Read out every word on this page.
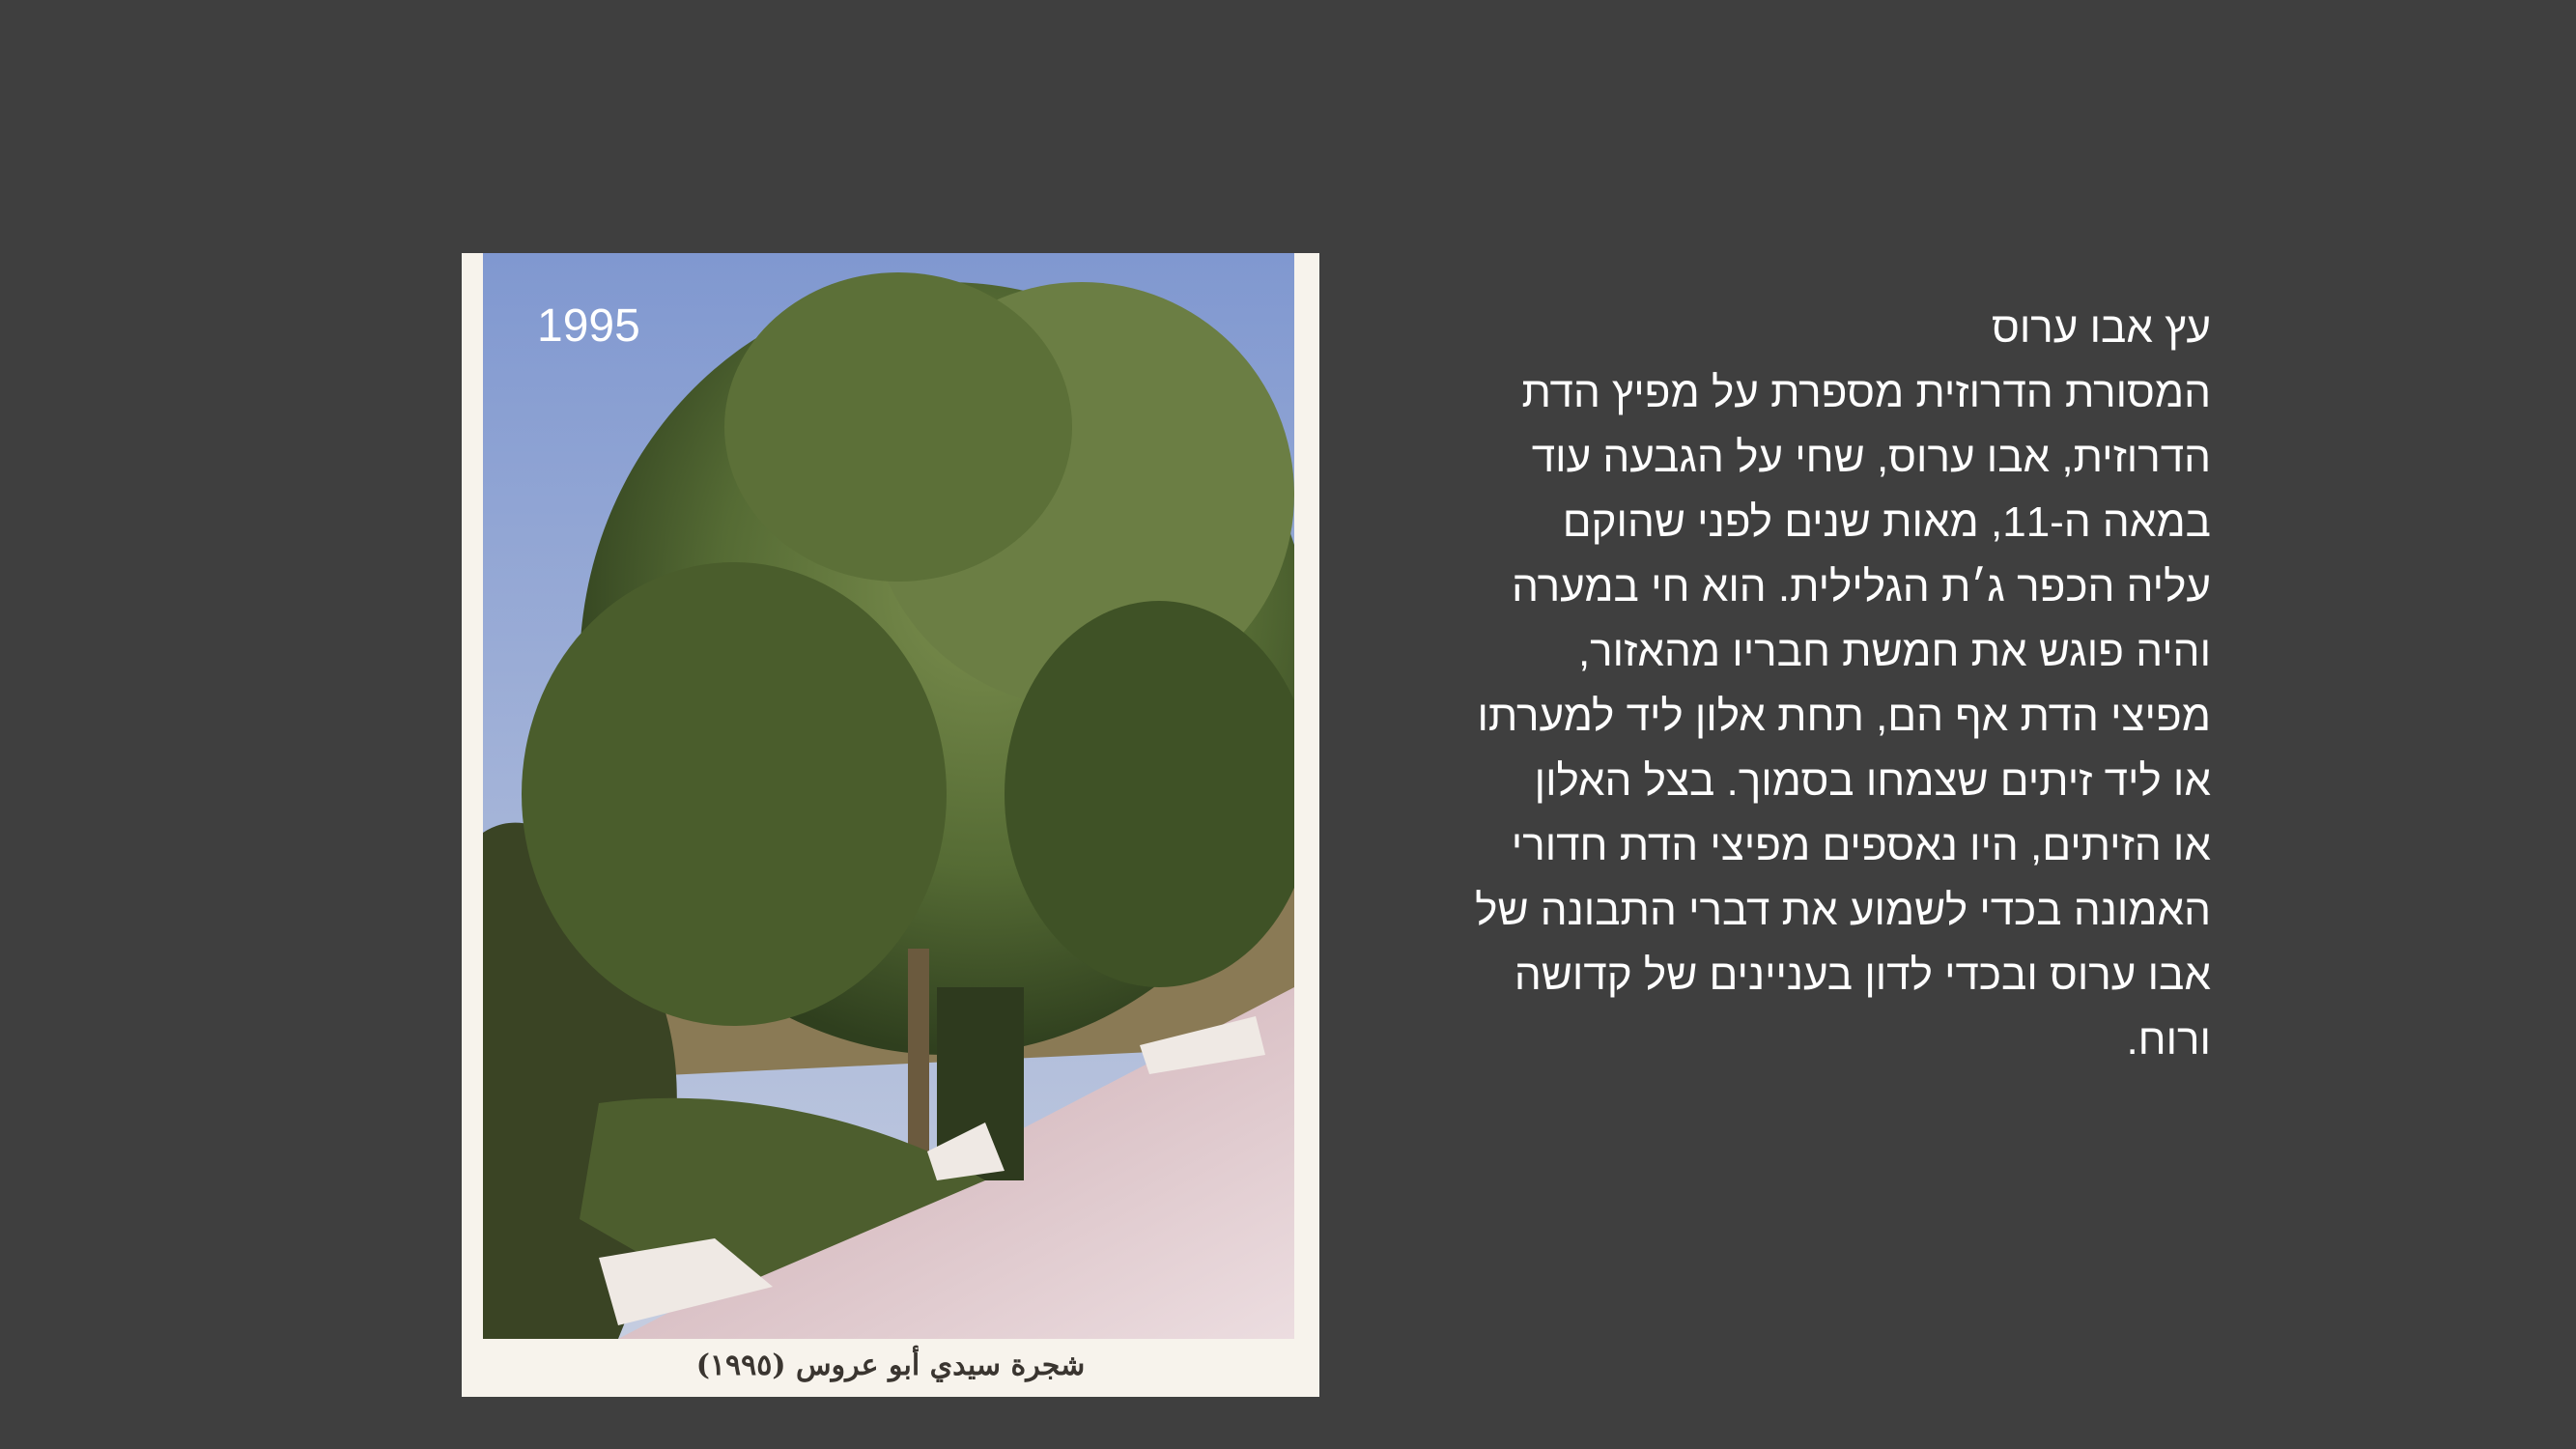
1995
شجرة سيدي أبو عروس (١٩٩٥)
עץ אבו ערוס
המסורת הדרוזית מספרת על מפיץ הדת
הדרוזית, אבו ערוס, שחי על הגבעה עוד
במאה ה-11, מאות שנים לפני שהוקם
עליה הכפר ג׳ת הגלילית. הוא חי במערה
והיה פוגש את חמשת חבריו מהאזור,
מפיצי הדת אף הם, תחת אלון ליד למערתו
או ליד זיתים שצמחו בסמוך. בצל האלון
או הזיתים, היו נאספים מפיצי הדת חדורי
האמונה בכדי לשמוע את דברי התבונה של
אבו ערוס ובכדי לדון בעניינים של קדושה
ורוח.
